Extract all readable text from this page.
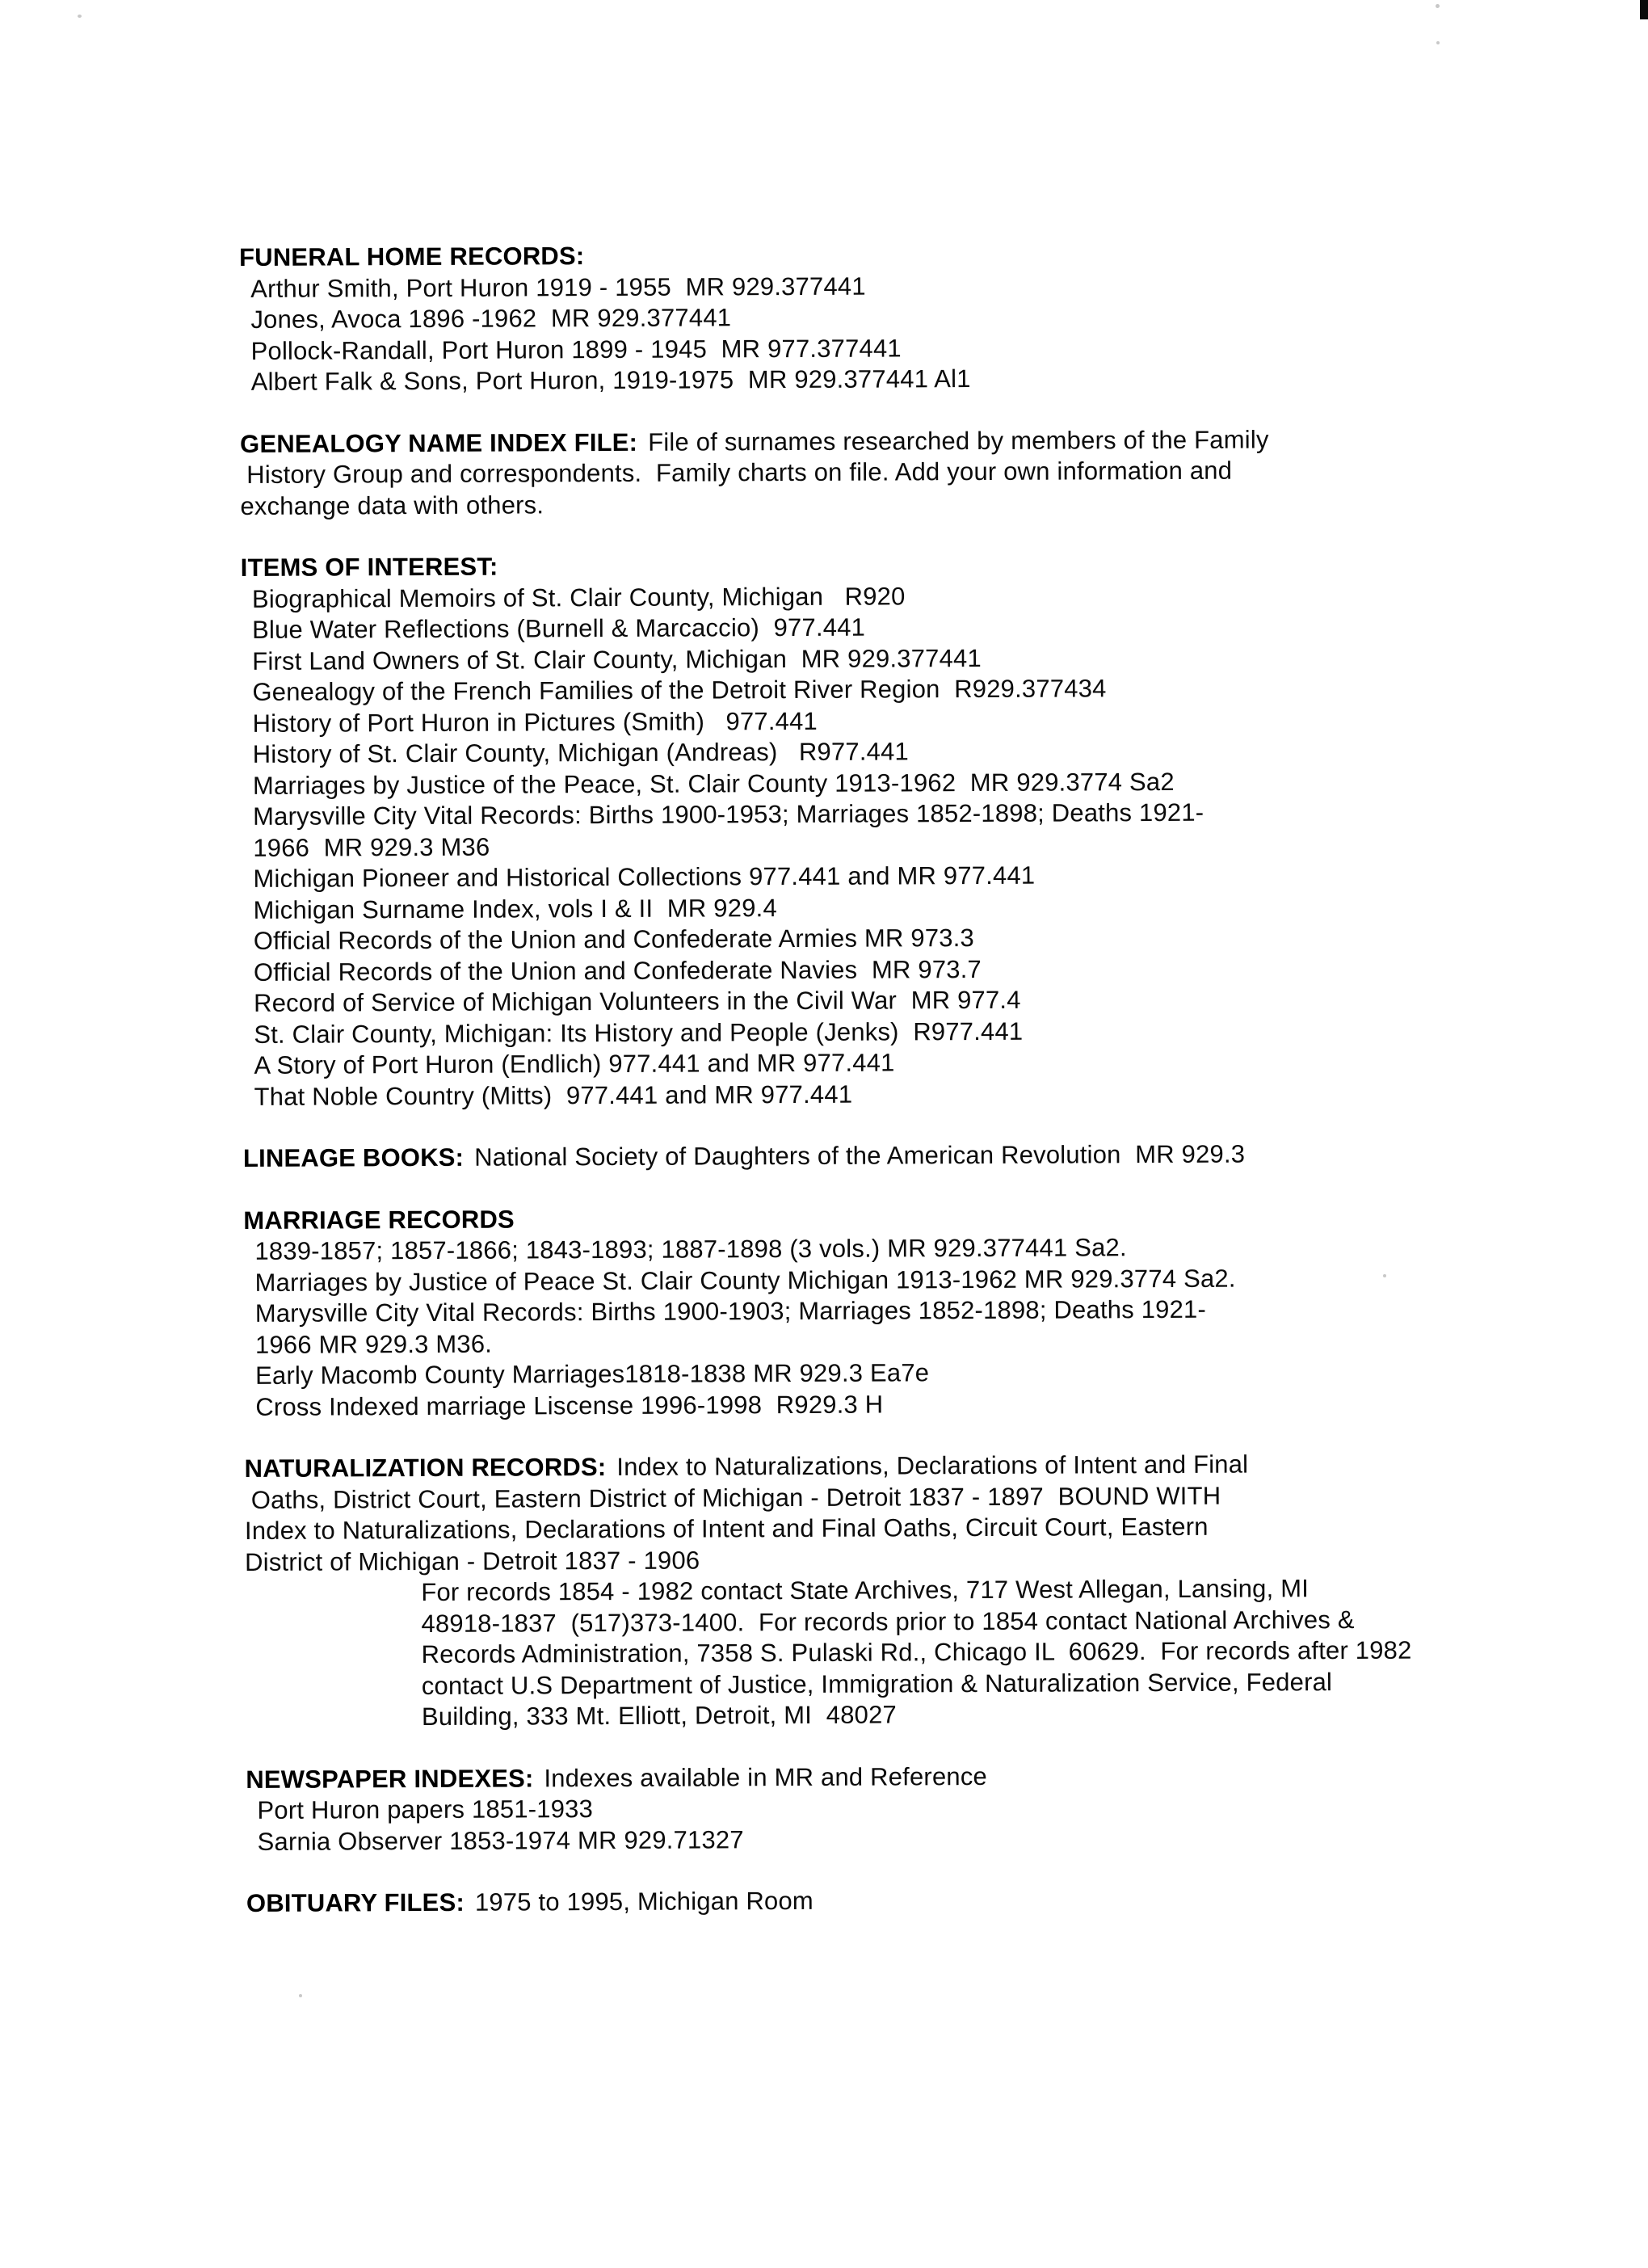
FUNERAL HOME RECORDS:
Arthur Smith, Port Huron 1919 - 1955  MR 929.377441
Jones, Avoca 1896 -1962  MR 929.377441
Pollock-Randall, Port Huron 1899 - 1945  MR 977.377441
Albert Falk & Sons, Port Huron, 1919-1975  MR 929.377441 Al1
GENEALOGY NAME INDEX FILE: File of surnames researched by members of the Family
History Group and correspondents.  Family charts on file. Add your own information and
exchange data with others.
ITEMS OF INTEREST:
Biographical Memoirs of St. Clair County, Michigan   R920
Blue Water Reflections (Burnell & Marcaccio)  977.441
First Land Owners of St. Clair County, Michigan  MR 929.377441
Genealogy of the French Families of the Detroit River Region  R929.377434
History of Port Huron in Pictures (Smith)   977.441
History of St. Clair County, Michigan (Andreas)   R977.441
Marriages by Justice of the Peace, St. Clair County 1913-1962  MR 929.3774 Sa2
Marysville City Vital Records: Births 1900-1953; Marriages 1852-1898; Deaths 1921-
1966  MR 929.3 M36
Michigan Pioneer and Historical Collections 977.441 and MR 977.441
Michigan Surname Index, vols I & II  MR 929.4
Official Records of the Union and Confederate Armies MR 973.3
Official Records of the Union and Confederate Navies  MR 973.7
Record of Service of Michigan Volunteers in the Civil War  MR 977.4
St. Clair County, Michigan: Its History and People (Jenks)  R977.441
A Story of Port Huron (Endlich) 977.441 and MR 977.441
That Noble Country (Mitts)  977.441 and MR 977.441
LINEAGE BOOKS: National Society of Daughters of the American Revolution  MR 929.3
MARRIAGE RECORDS
1839-1857; 1857-1866; 1843-1893; 1887-1898 (3 vols.) MR 929.377441 Sa2.
Marriages by Justice of Peace St. Clair County Michigan 1913-1962 MR 929.3774 Sa2.
Marysville City Vital Records: Births 1900-1903; Marriages 1852-1898; Deaths 1921-
1966 MR 929.3 M36.
Early Macomb County Marriages1818-1838 MR 929.3 Ea7e
Cross Indexed marriage Liscense 1996-1998  R929.3 H
NATURALIZATION RECORDS: Index to Naturalizations, Declarations of Intent and Final
Oaths, District Court, Eastern District of Michigan - Detroit 1837 - 1897  BOUND WITH
Index to Naturalizations, Declarations of Intent and Final Oaths, Circuit Court, Eastern
District of Michigan - Detroit 1837 - 1906
For records 1854 - 1982 contact State Archives, 717 West Allegan, Lansing, MI
48918-1837  (517)373-1400.  For records prior to 1854 contact National Archives &
Records Administration, 7358 S. Pulaski Rd., Chicago IL  60629.  For records after 1982
contact U.S Department of Justice, Immigration & Naturalization Service, Federal
Building, 333 Mt. Elliott, Detroit, MI  48027
NEWSPAPER INDEXES: Indexes available in MR and Reference
Port Huron papers 1851-1933
Sarnia Observer 1853-1974 MR 929.71327
OBITUARY FILES: 1975 to 1995, Michigan Room
